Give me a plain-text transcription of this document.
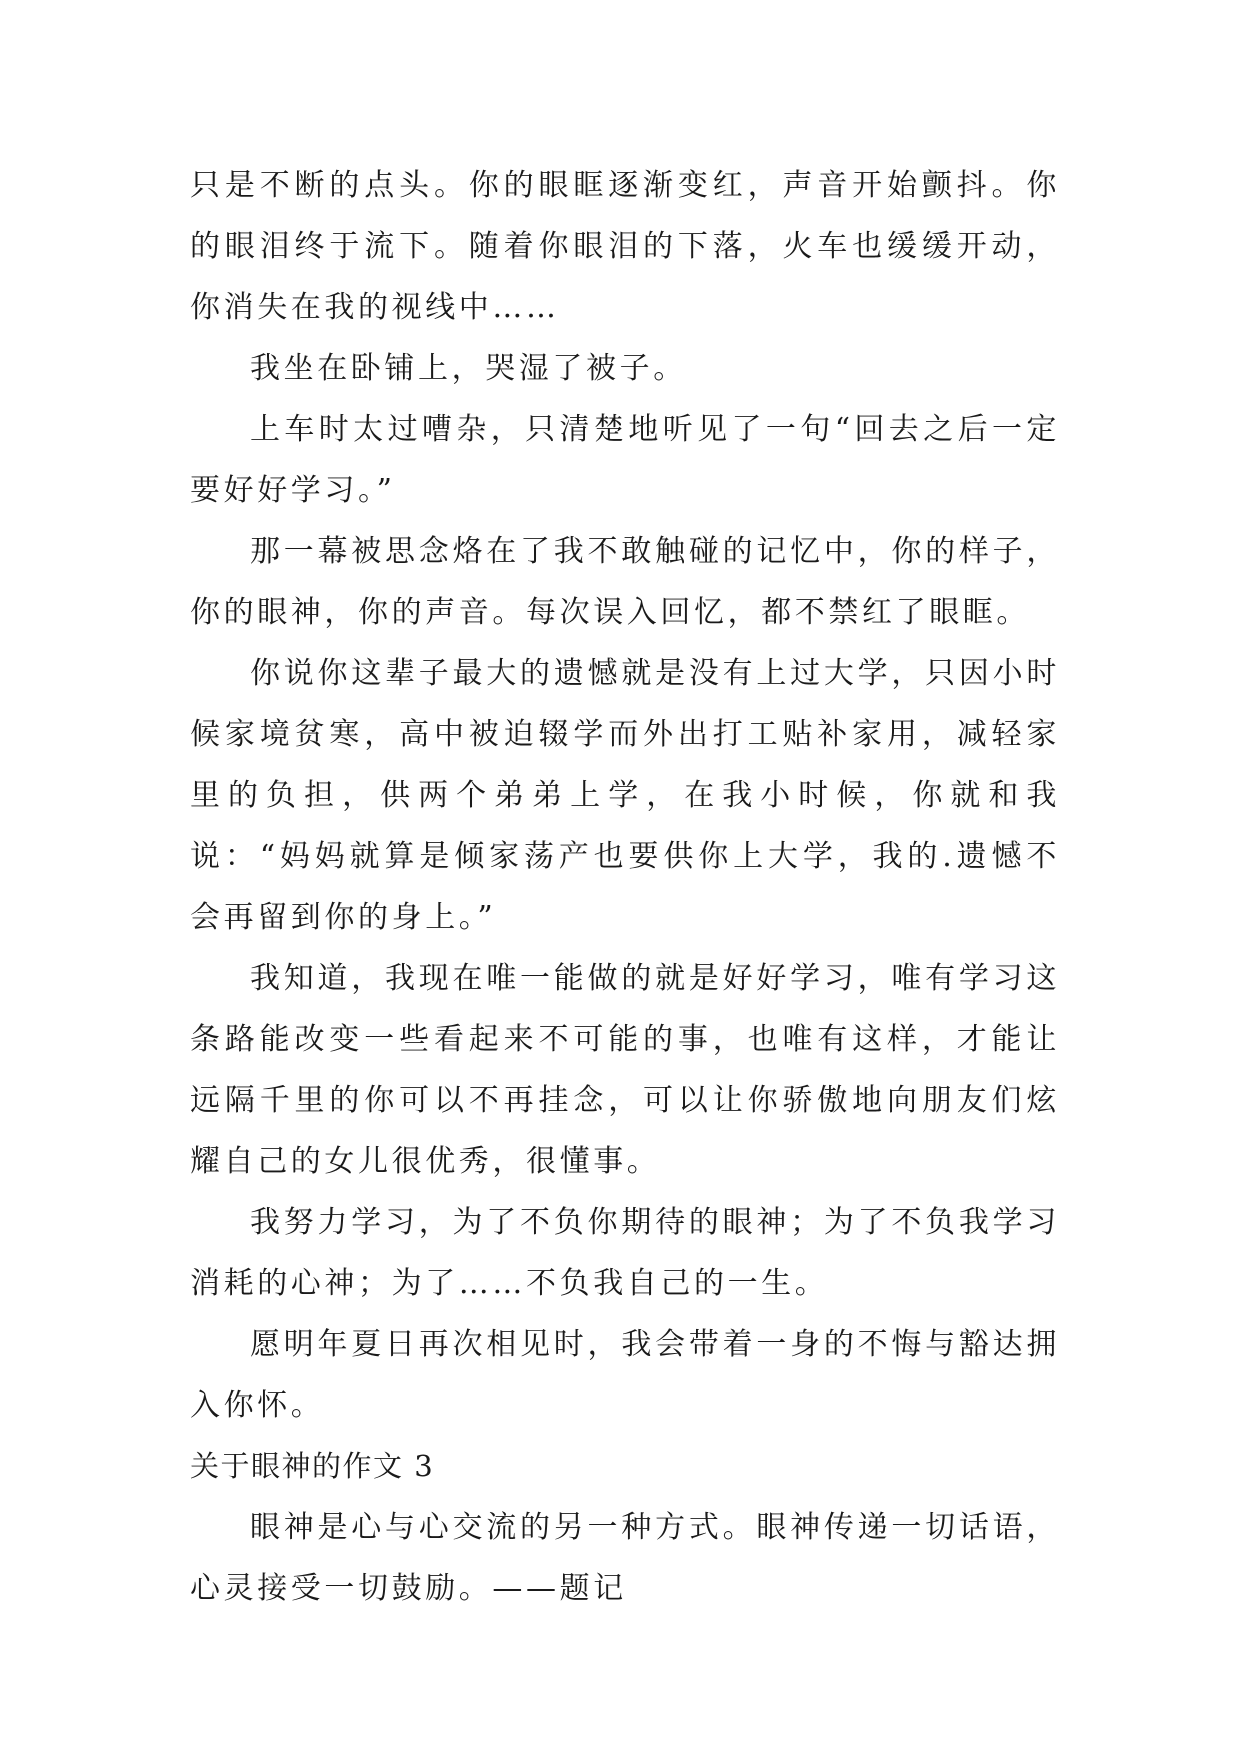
只是不断的点头。你的眼眶逐渐变红，声音开始颤抖。你的眼泪终于流下。随着你眼泪的下落，火车也缓缓开动，你消失在我的视线中……

我坐在卧铺上，哭湿了被子。

上车时太过嘈杂，只清楚地听见了一句“回去之后一定要好好学习。”

那一幕被思念烙在了我不敢触碰的记忆中，你的样子，你的眼神，你的声音。每次误入回忆，都不禁红了眼眶。

你说你这辈子最大的遗憾就是没有上过大学，只因小时候家境贫寒，高中被迫辍学而外出打工贴补家用，减轻家里的负担，供两个弟弟上学，在我小时候，你就和我说：“妈妈就算是倾家荡产也要供你上大学，我的.遗憾不会再留到你的身上。”

我知道，我现在唯一能做的就是好好学习，唯有学习这条路能改变一些看起来不可能的事，也唯有这样，才能让远隔千里的你可以不再挂念，可以让你骄傲地向朋友们炫耀自己的女儿很优秀，很懂事。

我努力学习，为了不负你期待的眼神；为了不负我学习消耗的心神；为了……不负我自己的一生。

愿明年夏日再次相见时，我会带着一身的不悔与豁达拥入你怀。

关于眼神的作文 3

眼神是心与心交流的另一种方式。眼神传递一切话语，心灵接受一切鼓励。——题记
